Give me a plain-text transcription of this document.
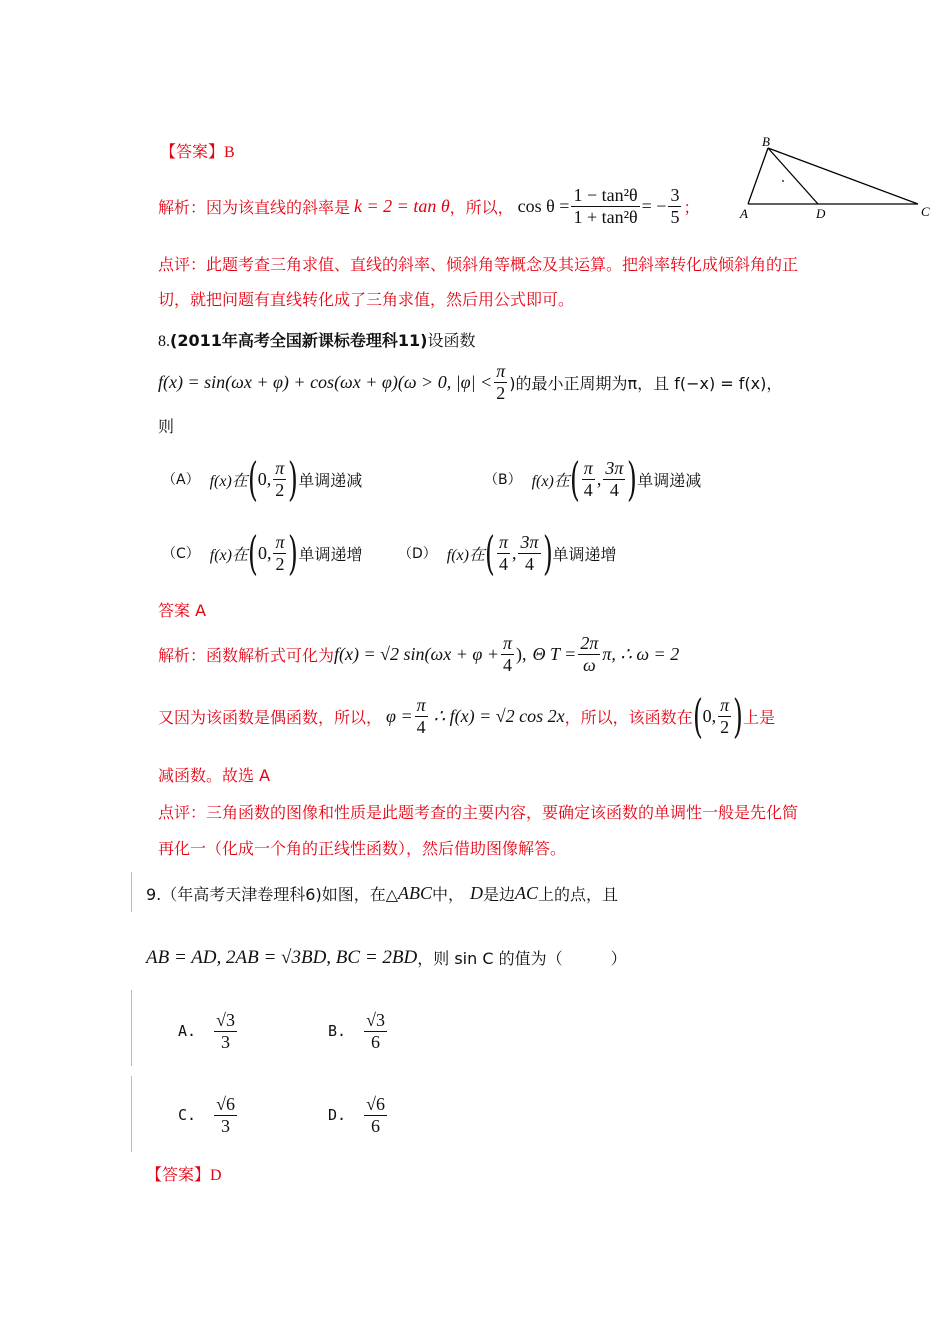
【答案】B
解析： 因为该直线的斜率是 k = 2 = tan θ ，所以， $\cos \theta = \frac{\text{1 − tan²θ}}{\text{1 + tan²θ}}$ = − $\frac{3}{5}$ ；
B
A	D	C
点评：此题考查三角求值、直线的斜率、倾斜角等概念及其运算。把斜率转化成倾斜角的正
切，就把问题有直线转化成了三角求值，然后用公式即可。
8.(2011年高考全国新课标卷理科11)设函数
f(x) = sin(ωx + φ) + cos(ωx + φ)(ω > 0, $|\varphi| < \frac{\pi}{2}$ )的最小正周期为π，且 f(−x) = f(x)，
则
（A） f(x)在 ( 0, $\frac{\pi}{2}$ ) 单调递减	（B） f(x)在 ( $\frac{\pi}{4}$ , $\frac{3\pi}{4}$ ) 单调递减
（C） f(x)在 ( 0, $\frac{\pi}{2}$ ) 单调递增	（D） f(x)在 ( $\frac{\pi}{4}$ , $\frac{3\pi}{4}$ ) 单调递增
答案 A
解析：函数解析式可化为 f(x) = √2 $\sin(\omega x + \varphi + \frac{\pi}{4}$ ), Θ $T = \frac{2\pi}{\omega} \pi$, ∴ ω = 2
又因为该函数是偶函数，所以， $\varphi = \frac{\pi}{4}$ ∴ f(x) = √2 cos 2x ，所以，该函数在 ( 0, $\frac{\pi}{2}$ ) 上是
减函数。故选 A
点评：三角函数的图像和性质是此题考查的主要内容，要确定该函数的单调性一般是先化简
再化一（化成一个角的正线性函数），然后借助图像解答。
9.（年高考天津卷理科6)如图，在△ ABC 中， D 是边 AC 上的点，且
AB = AD, 2AB = √3BD, BC = 2BD ，则 sin C 的值为（　　　）
A. $\frac{√3}{3}$	B. $\frac{√3}{6}$
C. $\frac{√6}{3}$	D. $\frac{√6}{6}$
【答案】D
